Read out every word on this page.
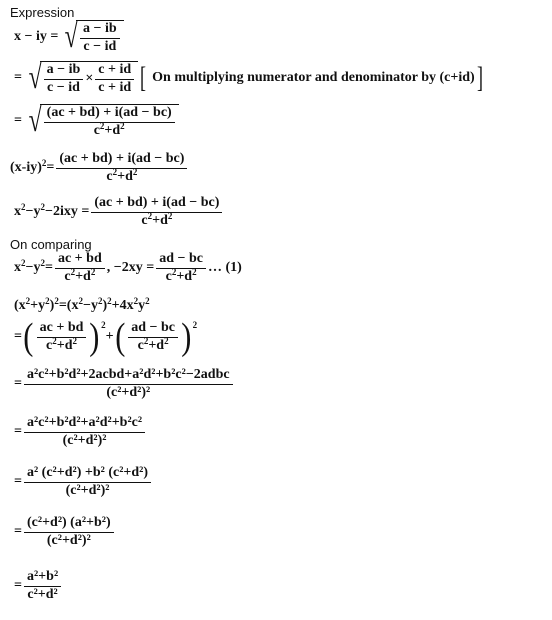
Expression
x − iy = √ $\frac{a - ib}{c - id}$
= √ $\frac{a - ib}{c - id} \times \frac{c + id}{c + id}$ [ On multiplying numerator and denominator by (c+id) ]
= √ $\frac{(ac + bd) + i(ad - bc)}{c^2+d^2}$
$(x-iy)^2 = \frac{(ac + bd) + i(ad - bc)}{c^2+d^2}$
$x^2-y^2-2ixy = \frac{(ac + bd) + i(ad - bc)}{c^2+d^2}$
On comparing
$x^2-y^2= \frac{ac + bd}{c^2+d^2}$ , $-2xy = \frac{ad - bc}{c^2+d^2}$ … (1)
$(x^2+y^2)^2=(x^2-y^2)^2+4x^2y^2$
= ( $\frac{ac + bd}{c^2+d^2} )^2$
+ ( $\frac{ad - bc}{c^2+d^2} )^2$
= $\frac{\text{a²c²+b²d²+2acbd+a²d²+b²c²−2adbc}}{\text{(c²+d²)²}}$
= $\frac{\text{a²c²+b²d²+a²d²+b²c²}}{\text{(c²+d²)²}}$
= $\frac{\text{a² (c²+d²) +b² (c²+d²)}}{\text{(c²+d²)²}}$
= $\frac{\text{(c²+d²) (a²+b²)}}{\text{(c²+d²)²}}$
= $\frac{\text{a²+b²}}{\text{c²+d²}}$
